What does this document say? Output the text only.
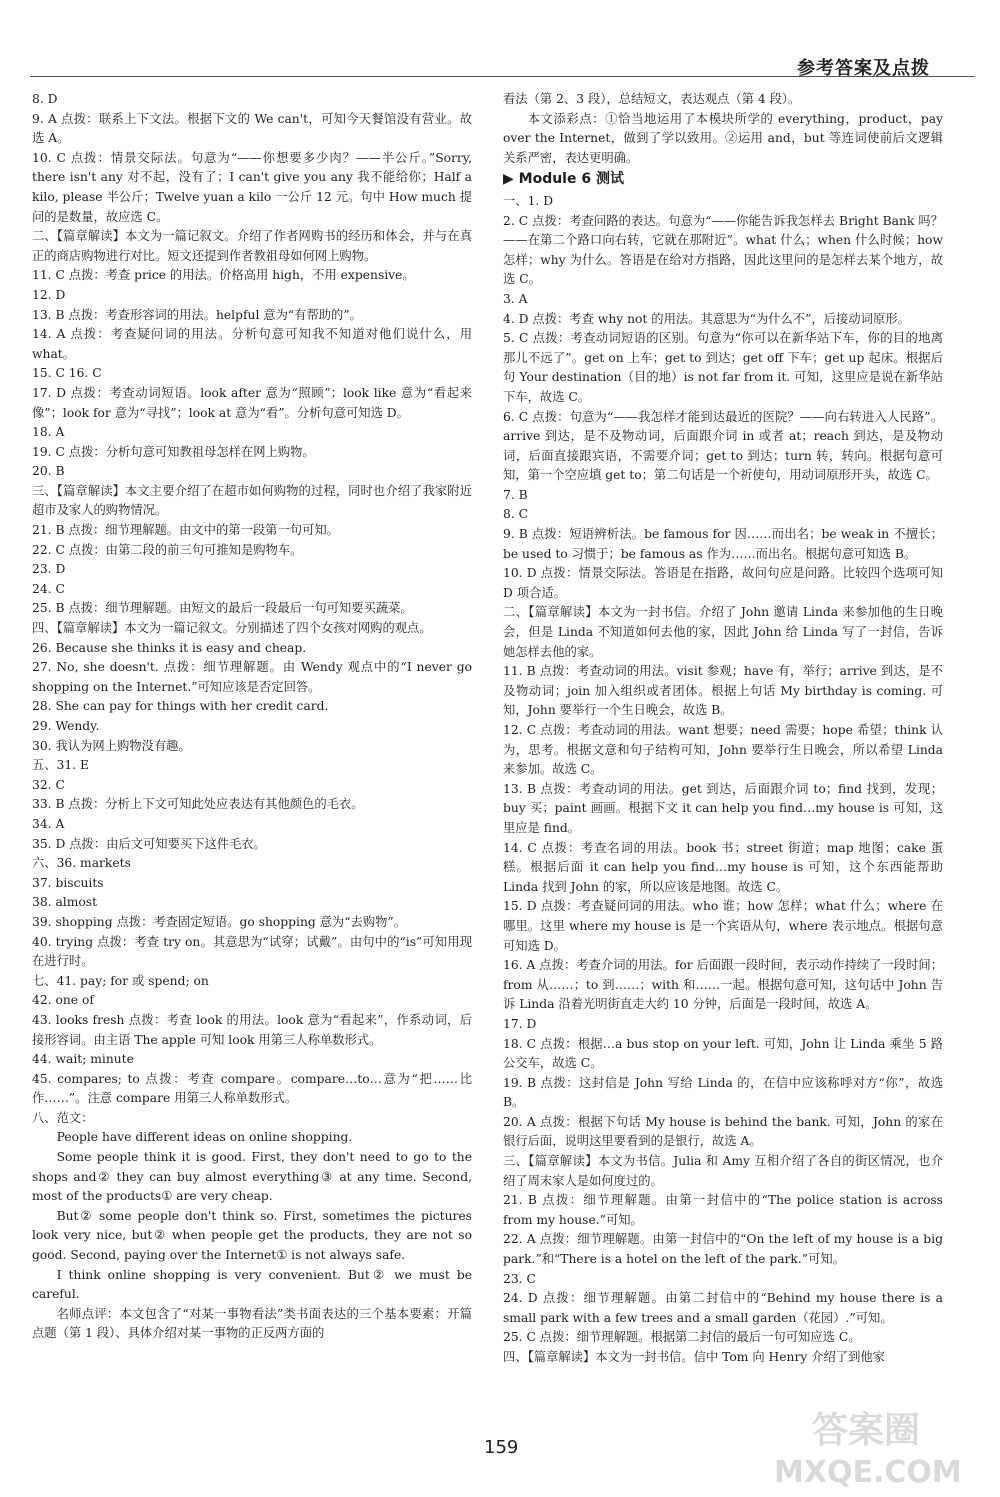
参考答案及点拨

8. D

9. A 点拨：联系上下文法。根据下文的 We can't，可知今天餐馆没有营业。故选 A。

10. C 点拨：情景交际法。句意为“——你想要多少肉？——半公斤。”Sorry, there isn't any 对不起，没有了；I can't give you any 我不能给你；Half a kilo, please 半公斤；Twelve yuan a kilo 一公斤 12 元。句中 How much 提问的是数量，故应选 C。

二、【篇章解读】本文为一篇记叙文。介绍了作者网购书的经历和体会，并与在真正的商店购物进行对比。短文还提到作者教祖母如何网上购物。

11. C 点拨：考查 price 的用法。价格高用 high，不用 expensive。

12. D

13. B 点拨：考查形容词的用法。helpful 意为“有帮助的”。

14. A 点拨：考查疑问词的用法。分析句意可知我不知道对他们说什么，用 what。

15. C 16. C

17. D 点拨：考查动词短语。look after 意为“照顾”；look like 意为“看起来像”；look for 意为“寻找”；look at 意为“看”。分析句意可知选 D。

18. A

19. C 点拨：分析句意可知教祖母怎样在网上购物。

20. B

三、【篇章解读】本文主要介绍了在超市如何购物的过程，同时也介绍了我家附近超市及家人的购物情况。

21. B 点拨：细节理解题。由文中的第一段第一句可知。

22. C 点拨：由第二段的前三句可推知是购物车。

23. D

24. C

25. B 点拨：细节理解题。由短文的最后一段最后一句可知要买蔬菜。

四、【篇章解读】本文为一篇记叙文。分别描述了四个女孩对网购的观点。

26. Because she thinks it is easy and cheap.

27. No, she doesn't. 点拨：细节理解题。由 Wendy 观点中的“I never go shopping on the Internet.”可知应该是否定回答。

28. She can pay for things with her credit card.

29. Wendy.

30. 我认为网上购物没有趣。

五、31. E

32. C

33. B 点拨：分析上下文可知此处应表达有其他颜色的毛衣。

34. A

35. D 点拨：由后文可知要买下这件毛衣。

六、36. markets

37. biscuits

38. almost

39. shopping 点拨：考查固定短语。go shopping 意为“去购物”。

40. trying 点拨：考查 try on。其意思为“试穿；试戴”。由句中的“is”可知用现在进行时。

七、41. pay; for 或 spend; on

42. one of

43. looks fresh 点拨：考查 look 的用法。look 意为“看起来”，作系动词，后接形容词。由主语 The apple 可知 look 用第三人称单数形式。

44. wait; minute

45. compares; to 点拨：考查 compare。compare…to…意为“把……比作……”。注意 compare 用第三人称单数形式。

八、范文：

People have different ideas on online shopping.

Some people think it is good. First, they don't need to go to the shops and② they can buy almost everything③ at any time. Second, most of the products① are very cheap.

But② some people don't think so. First, sometimes the pictures look very nice, but② when people get the products, they are not so good. Second, paying over the Internet① is not always safe.

I think online shopping is very convenient. But② we must be careful.

名师点评：本文包含了“对某一事物看法”类书面表达的三个基本要素：开篇点题（第 1 段）、具体介绍对某一事物的正反两方面的

看法（第 2、3 段），总结短文，表达观点（第 4 段）。

本文添彩点：①恰当地运用了本模块所学的 everything，product，pay over the Internet，做到了学以致用。②运用 and，but 等连词使前后文逻辑关系严密，表达更明确。

▶ Module 6 测试

一、1. D

2. C 点拨：考查问路的表达。句意为“——你能告诉我怎样去 Bright Bank 吗？——在第二个路口向右转，它就在那附近”。what 什么；when 什么时候；how 怎样；why 为什么。答语是在给对方指路，因此这里问的是怎样去某个地方，故选 C。

3. A

4. D 点拨：考查 why not 的用法。其意思为“为什么不”，后接动词原形。

5. C 点拨：考查动词短语的区别。句意为“你可以在新华站下车，你的目的地离那儿不远了”。get on 上车；get to 到达；get off 下车；get up 起床。根据后句 Your destination（目的地）is not far from it. 可知，这里应是说在新华站下车，故选 C。

6. C 点拨：句意为“——我怎样才能到达最近的医院？——向右转进入人民路”。arrive 到达，是不及物动词，后面跟介词 in 或者 at；reach 到达，是及物动词，后面直接跟宾语，不需要介词；get to 到达；turn 转，转向。根据句意可知，第一个空应填 get to；第二句话是一个祈使句，用动词原形开头，故选 C。

7. B

8. C

9. B 点拨：短语辨析法。be famous for 因……而出名；be weak in 不擅长；be used to 习惯于；be famous as 作为……而出名。根据句意可知选 B。

10. D 点拨：情景交际法。答语是在指路，故问句应是问路。比较四个选项可知 D 项合适。

二、【篇章解读】本文为一封书信。介绍了 John 邀请 Linda 来参加他的生日晚会，但是 Linda 不知道如何去他的家，因此 John 给 Linda 写了一封信，告诉她怎样去他的家。

11. B 点拨：考查动词的用法。visit 参观；have 有，举行；arrive 到达，是不及物动词；join 加入组织或者团体。根据上句话 My birthday is coming. 可知，John 要举行一个生日晚会，故选 B。

12. C 点拨：考查动词的用法。want 想要；need 需要；hope 希望；think 认为，思考。根据文意和句子结构可知，John 要举行生日晚会，所以希望 Linda 来参加。故选 C。

13. B 点拨：考查动词的用法。get 到达，后面跟介词 to；find 找到，发现；buy 买；paint 画画。根据下文 it can help you find…my house is 可知，这里应是 find。

14. C 点拨：考查名词的用法。book 书；street 街道；map 地图；cake 蛋糕。根据后面 it can help you find…my house is 可知，这个东西能帮助 Linda 找到 John 的家，所以应该是地图。故选 C。

15. D 点拨：考查疑问词的用法。who 谁；how 怎样；what 什么；where 在哪里。这里 where my house is 是一个宾语从句，where 表示地点。根据句意可知选 D。

16. A 点拨：考查介词的用法。for 后面跟一段时间，表示动作持续了一段时间；from 从……；to 到……；with 和……一起。根据句意可知，这句话中 John 告诉 Linda 沿着光明街直走大约 10 分钟，后面是一段时间，故选 A。

17. D

18. C 点拨：根据…a bus stop on your left. 可知，John 让 Linda 乘坐 5 路公交车，故选 C。

19. B 点拨：这封信是 John 写给 Linda 的，在信中应该称呼对方“你”，故选 B。

20. A 点拨：根据下句话 My house is behind the bank. 可知，John 的家在银行后面，说明这里要看到的是银行，故选 A。

三、【篇章解读】本文为书信。Julia 和 Amy 互相介绍了各自的街区情况，也介绍了周末家人是如何度过的。

21. B 点拨：细节理解题。由第一封信中的“The police station is across from my house.”可知。

22. A 点拨：细节理解题。由第一封信中的“On the left of my house is a big park.”和“There is a hotel on the left of the park.”可知。

23. C

24. D 点拨：细节理解题。由第二封信中的“Behind my house there is a small park with a few trees and a small garden（花园）.”可知。

25. C 点拨：细节理解题。根据第二封信的最后一句可知应选 C。

四、【篇章解读】本文为一封书信。信中 Tom 向 Henry 介绍了到他家

159	答案圈
MXQE.COM
